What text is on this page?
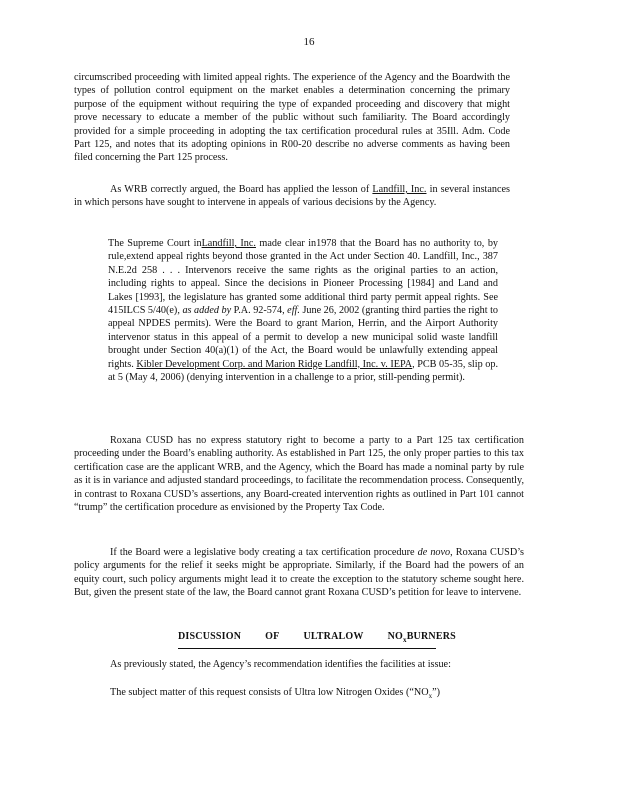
16

circumscribed proceeding with limited appeal rights. The experience of the Agency and the Boardwith the types of pollution control equipment on the market enables a determination concerning the primary purpose of the equipment without requiring the type of expanded proceeding and discovery that might prove necessary to educate a member of the public without such familiarity. The Board accordingly provided for a simple proceeding in adopting the tax certification procedural rules at 35Ill. Adm. Code Part 125, and notes that its adopting opinions in R00-20 describe no adverse comments as having been filed concerning the Part 125 process.

As WRB correctly argued, the Board has applied the lesson of Landfill, Inc. in several instances in which persons have sought to intervene in appeals of various decisions by the Agency.

The Supreme Court inLandfill, Inc. made clear in1978 that the Board has no authority to, by rule,extend appeal rights beyond those granted in the Act under Section 40. Landfill, Inc., 387 N.E.2d 258 . . . Intervenors receive the same rights as the original parties to an action, including rights to appeal. Since the decisions in Pioneer Processing [1984] and Land and Lakes [1993], the legislature has granted some additional third party permit appeal rights. See 415ILCS 5/40(e), as added by P.A. 92-574, eff. June 26, 2002 (granting third parties the right to appeal NPDES permits). Were the Board to grant Marion, Herrin, and the Airport Authority intervenor status in this appeal of a permit to develop a new municipal solid waste landfill brought under Section 40(a)(1) of the Act, the Board would be unlawfully extending appeal rights. Kibler Development Corp. and Marion Ridge Landfill, Inc. v. IEPA, PCB 05-35, slip op. at 5 (May 4, 2006) (denying intervention in a challenge to a prior, still-pending permit).

Roxana CUSD has no express statutory right to become a party to a Part 125 tax certification proceeding under the Board’s enabling authority. As established in Part 125, the only proper parties to this tax certification case are the applicant WRB, and the Agency, which the Board has made a nominal party by rule as it is in variance and adjusted standard proceedings, to facilitate the recommendation process. Consequently, in contrast to Roxana CUSD’s assertions, any Board-created intervention rights as outlined in Part 101 cannot “trump” the certification procedure as envisioned by the Property Tax Code.

If the Board were a legislative body creating a tax certification procedure de novo, Roxana CUSD’s policy arguments for the relief it seeks might be appropriate. Similarly, if the Board had the powers of an equity court, such policy arguments might lead it to create the exception to the statutory scheme sought here. But, given the present state of the law, the Board cannot grant Roxana CUSD’s petition for leave to intervene.

DISCUSSION OF ULTRALOW $NO_xBURNERS$

As previously stated, the Agency’s recommendation identifies the facilities at issue:

The subject matter of this request consists of Ultra low Nitrogen Oxides $(“NO_x”)$
